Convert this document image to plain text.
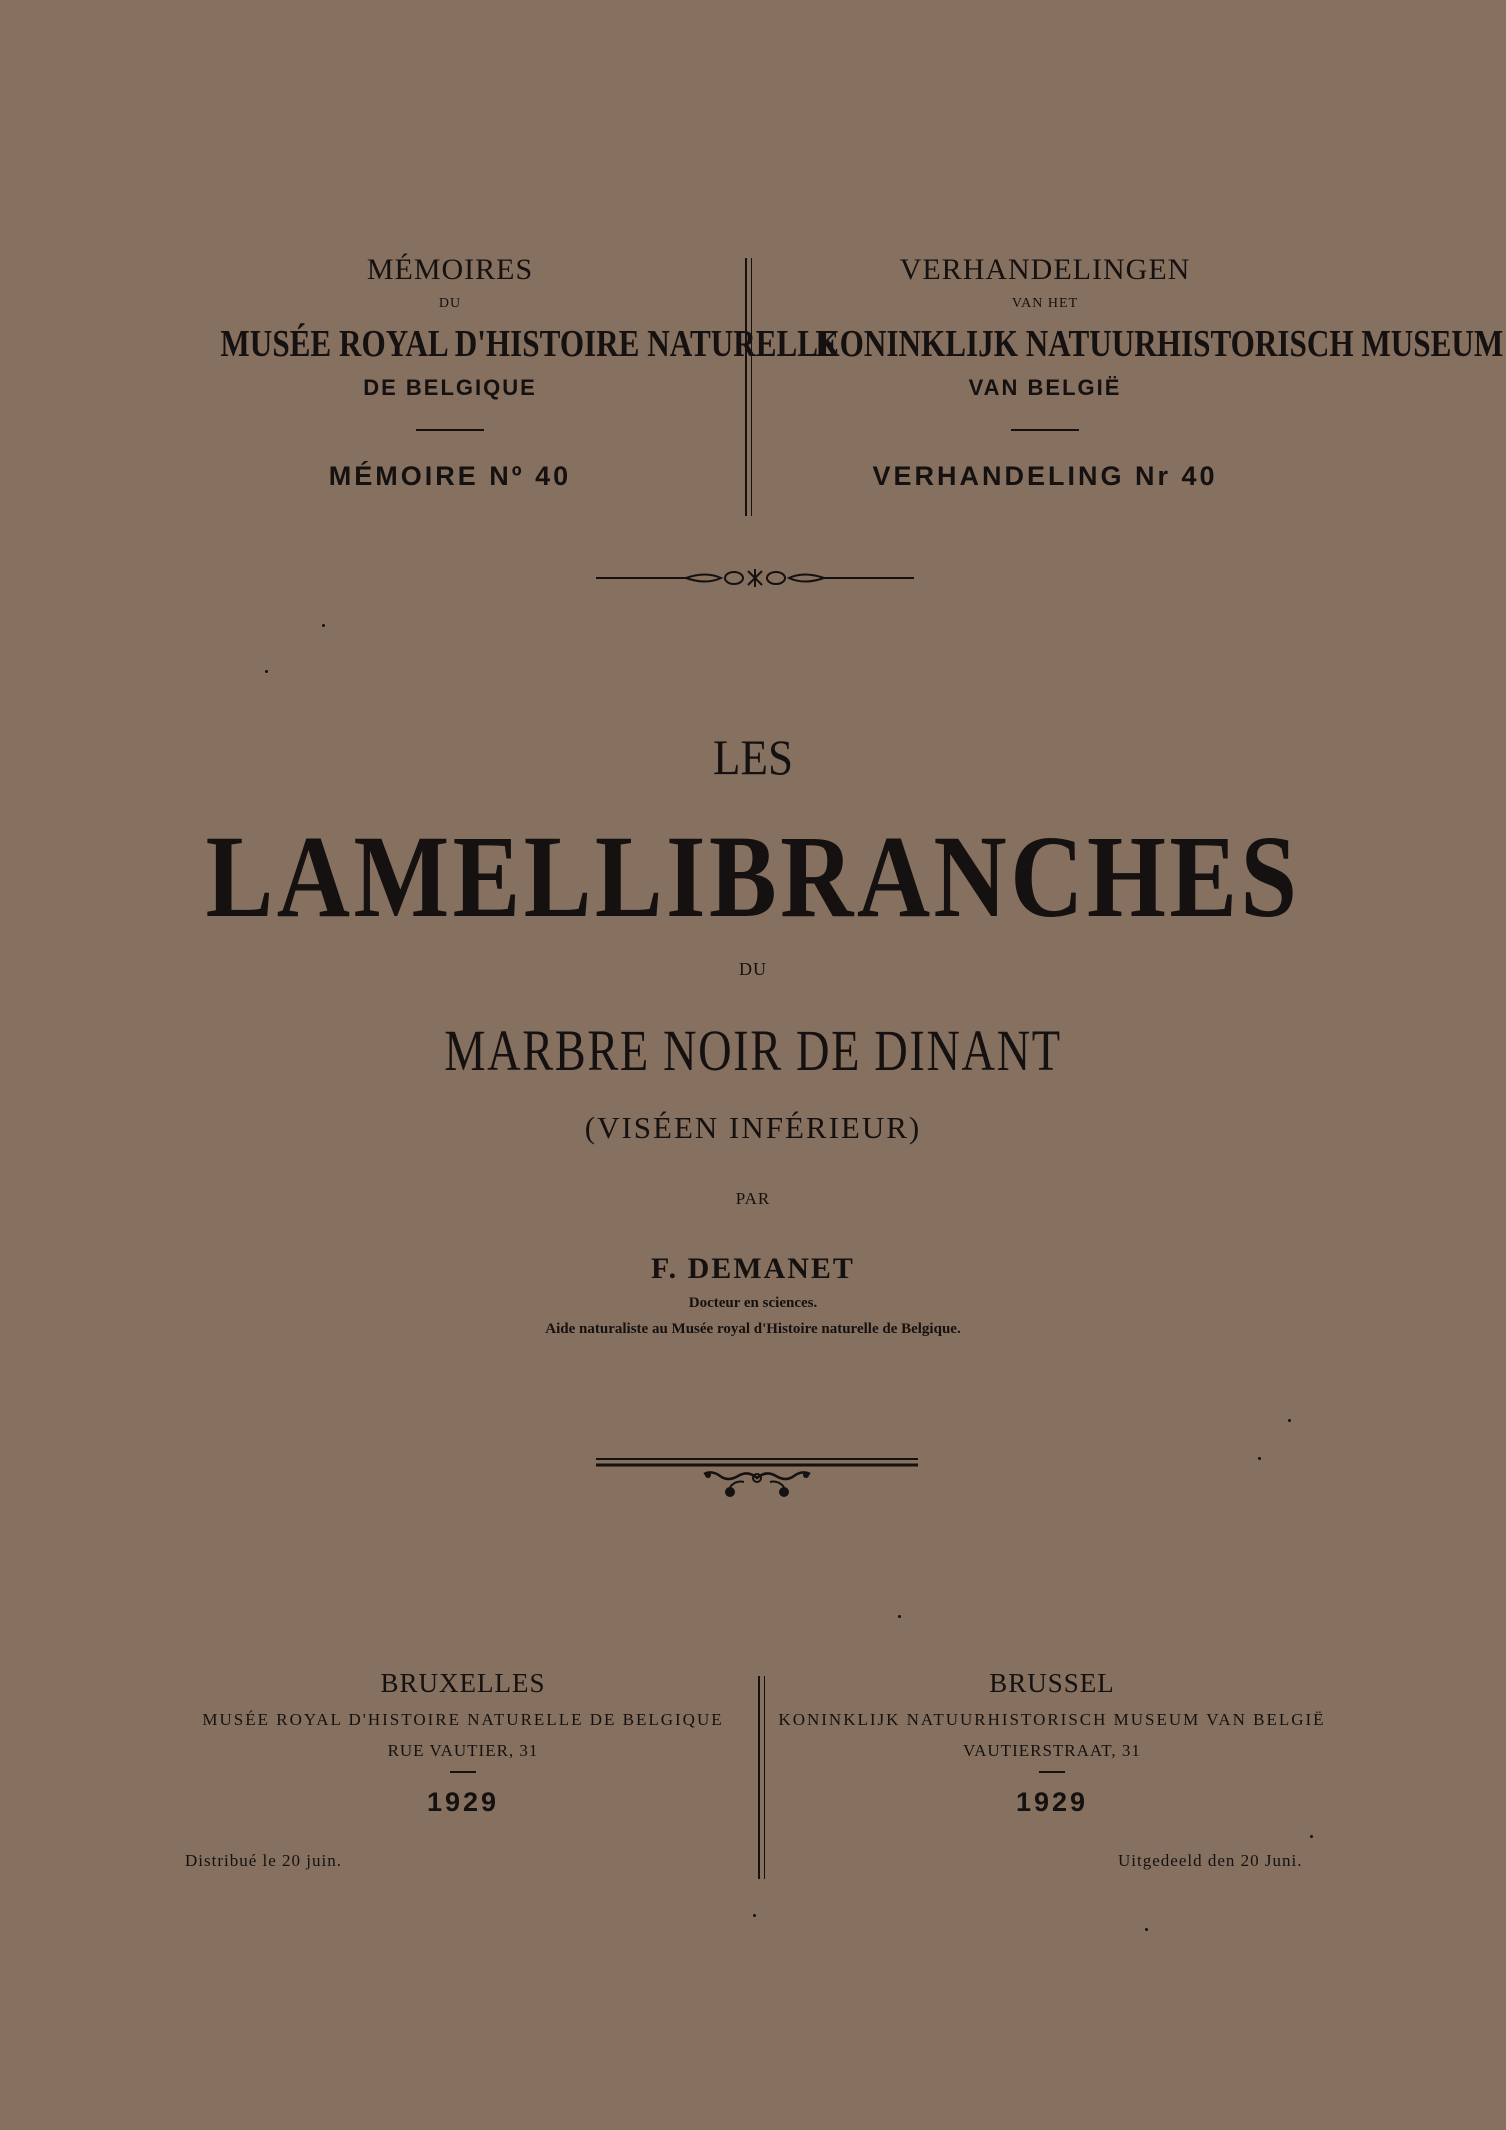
MÉMOIRES
DU
MUSÉE ROYAL D'HISTOIRE NATURELLE
DE BELGIQUE
MÉMOIRE Nº 40
VERHANDELINGEN
VAN HET
KONINKLIJK NATUURHISTORISCH MUSEUM
VAN BELGIË
VERHANDELING Nr 40
LES
LAMELLIBRANCHES
DU
MARBRE NOIR DE DINANT
(VISÉEN INFÉRIEUR)
PAR
F. DEMANET
Docteur en sciences.
Aide naturaliste au Musée royal d'Histoire naturelle de Belgique.
BRUXELLES
MUSÉE ROYAL D'HISTOIRE NATURELLE DE BELGIQUE
RUE VAUTIER, 31
1929
BRUSSEL
KONINKLIJK NATUURHISTORISCH MUSEUM VAN BELGIË
VAUTIERSTRAAT, 31
1929
Distribué le 20 juin.	Uitgedeeld den 20 Juni.
